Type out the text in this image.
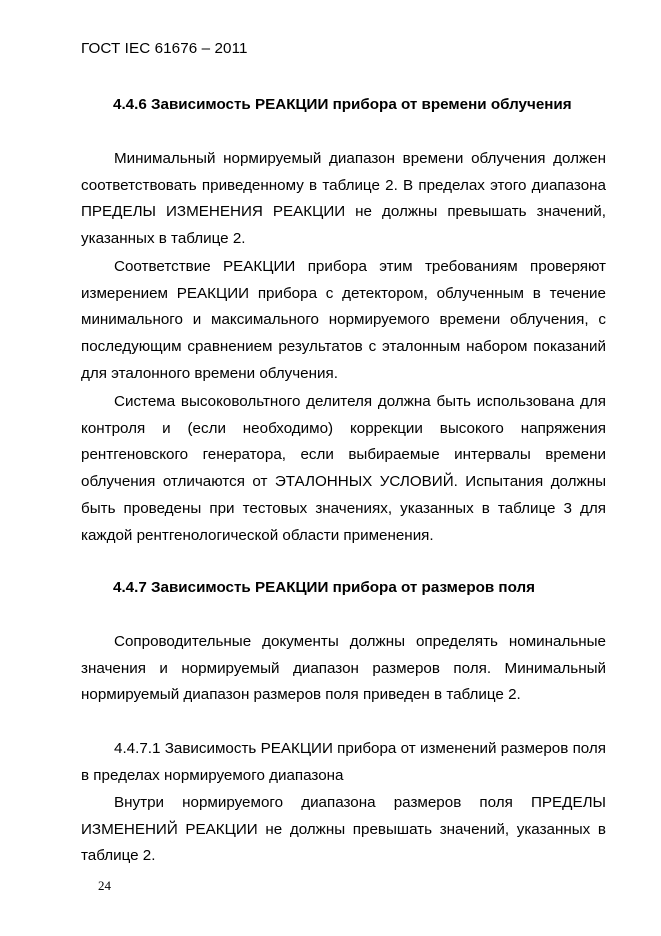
ГОСТ IEC 61676 – 2011
4.4.6 Зависимость РЕАКЦИИ прибора от времени облучения

Минимальный нормируемый диапазон времени облучения должен соответствовать приведенному в таблице 2. В пределах этого диапазона ПРЕДЕЛЫ ИЗМЕНЕНИЯ РЕАКЦИИ не должны превышать значений, указанных в таблице 2.

Соответствие РЕАКЦИИ прибора этим требованиям проверяют измерением РЕАКЦИИ прибора с детектором, облученным в течение минимального и максимального нормируемого времени облучения, с последующим сравнением результатов с эталонным набором показаний для эталонного времени облучения.

Система высоковольтного делителя должна быть использована для контроля и (если необходимо) коррекции высокого напряжения рентгеновского генератора, если выбираемые интервалы времени облучения отличаются от ЭТАЛОННЫХ УСЛОВИЙ. Испытания должны быть проведены при тестовых значениях, указанных в таблице 3 для каждой рентгенологической области применения.

4.4.7 Зависимость РЕАКЦИИ прибора от размеров поля

Сопроводительные документы должны определять номинальные значения и нормируемый диапазон размеров поля. Минимальный нормируемый диапазон размеров поля приведен в таблице 2.

4.4.7.1 Зависимость РЕАКЦИИ прибора от изменений размеров поля в пределах нормируемого диапазона

Внутри нормируемого диапазона размеров поля ПРЕДЕЛЫ ИЗМЕНЕНИЙ РЕАКЦИИ не должны превышать значений, указанных в таблице 2.

24
